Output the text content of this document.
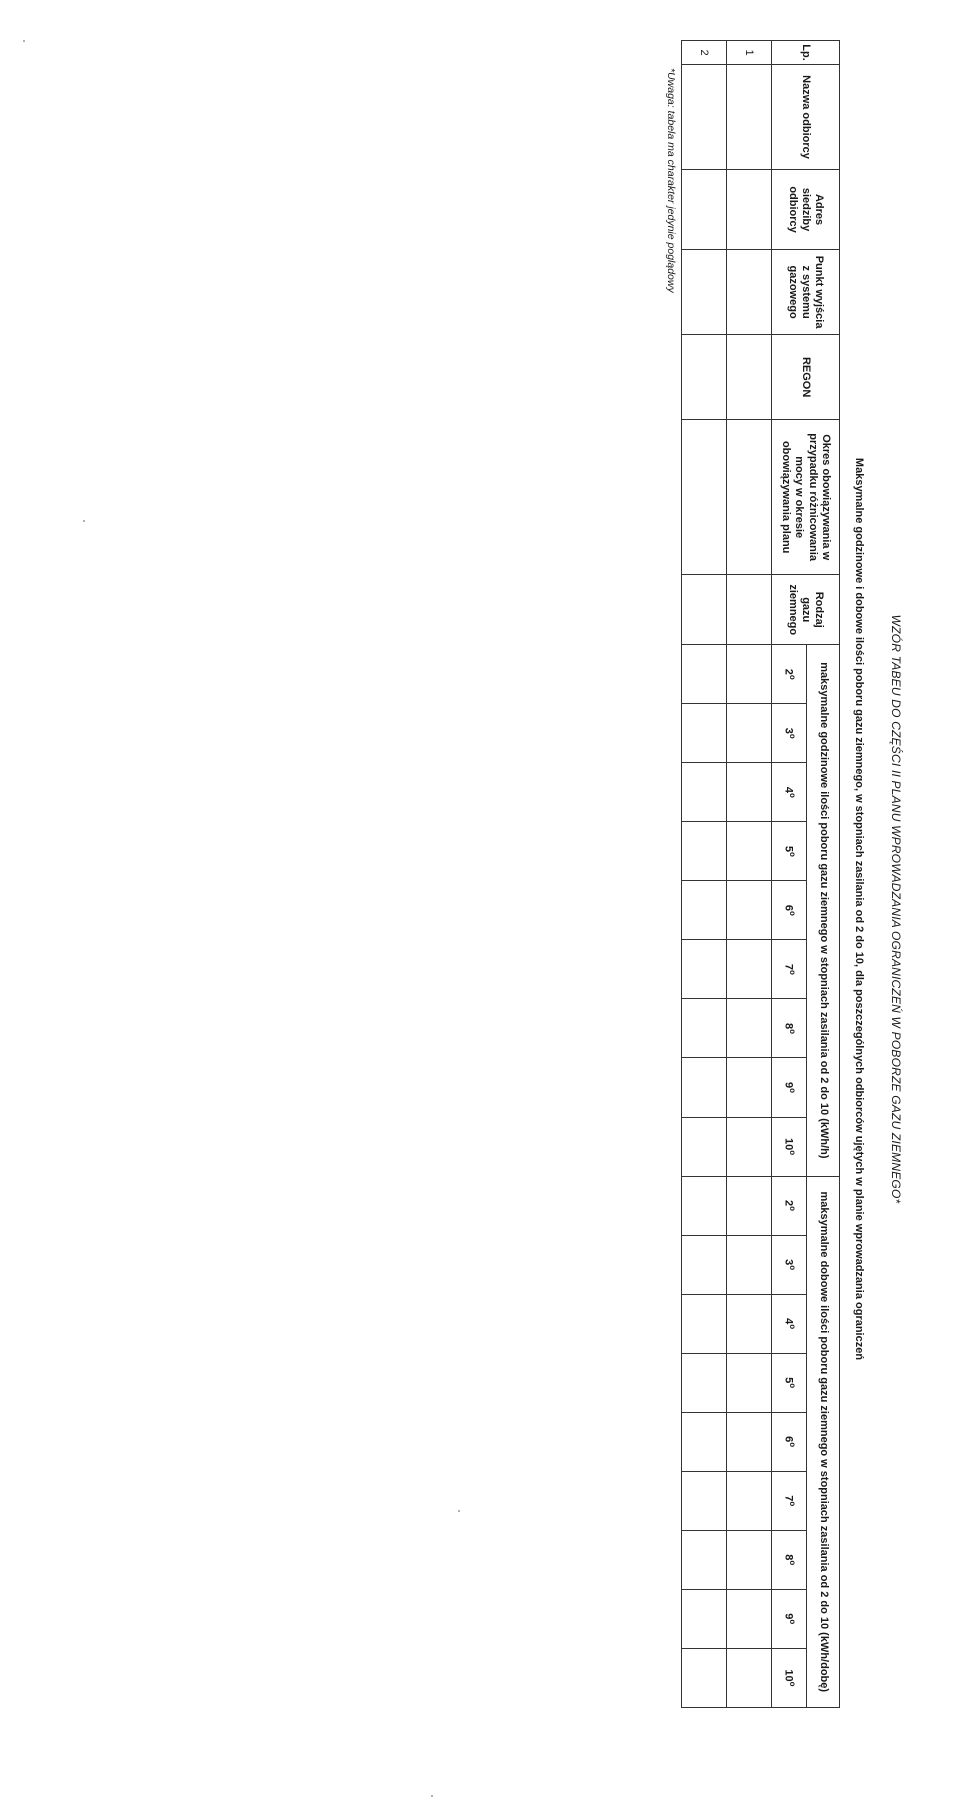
WZÓR TABEU DO CZĘŚCI II PLANU WPROWADZANIA OGRANICZEŃ W POBORZE GAZU ZIEMNEGO*
Maksymalne godzinowe i dobowe ilości poboru gazu ziemnego, w stopniach zasilania od 2 do 10, dla poszczególnych odbiorców ujętych w planie wprowadzania ograniczeń
Lp.	Nazwa odbiorcy	Adres siedziby odbiorcy	Punkt wyjścia z systemu gazowego	REGON	Okres obowiązywania w przypadku różnicowania mocy w okresie obowiązywania planu	Rodzaj gazu ziemnego	maksymalne godzinowe ilości poboru gazu ziemnego w stopniach zasilania od 2 do 10 (kWh/h)									maksymalne dobowe ilości poboru gazu ziemnego w stopniach zasilania od 2 do 10 (kWh/dobę)								
							2$^o$	3$^o$	4$^o$	5$^o$	6$^o$	7$^o$	8$^o$	9$^o$	10$^o$	2$^o$	3$^o$	4$^o$	5$^o$	6$^o$	7$^o$	8$^o$	9$^o$	10$^o$
1																								
2																								
*Uwaga: tabela ma charakter jedynie poglądowy
